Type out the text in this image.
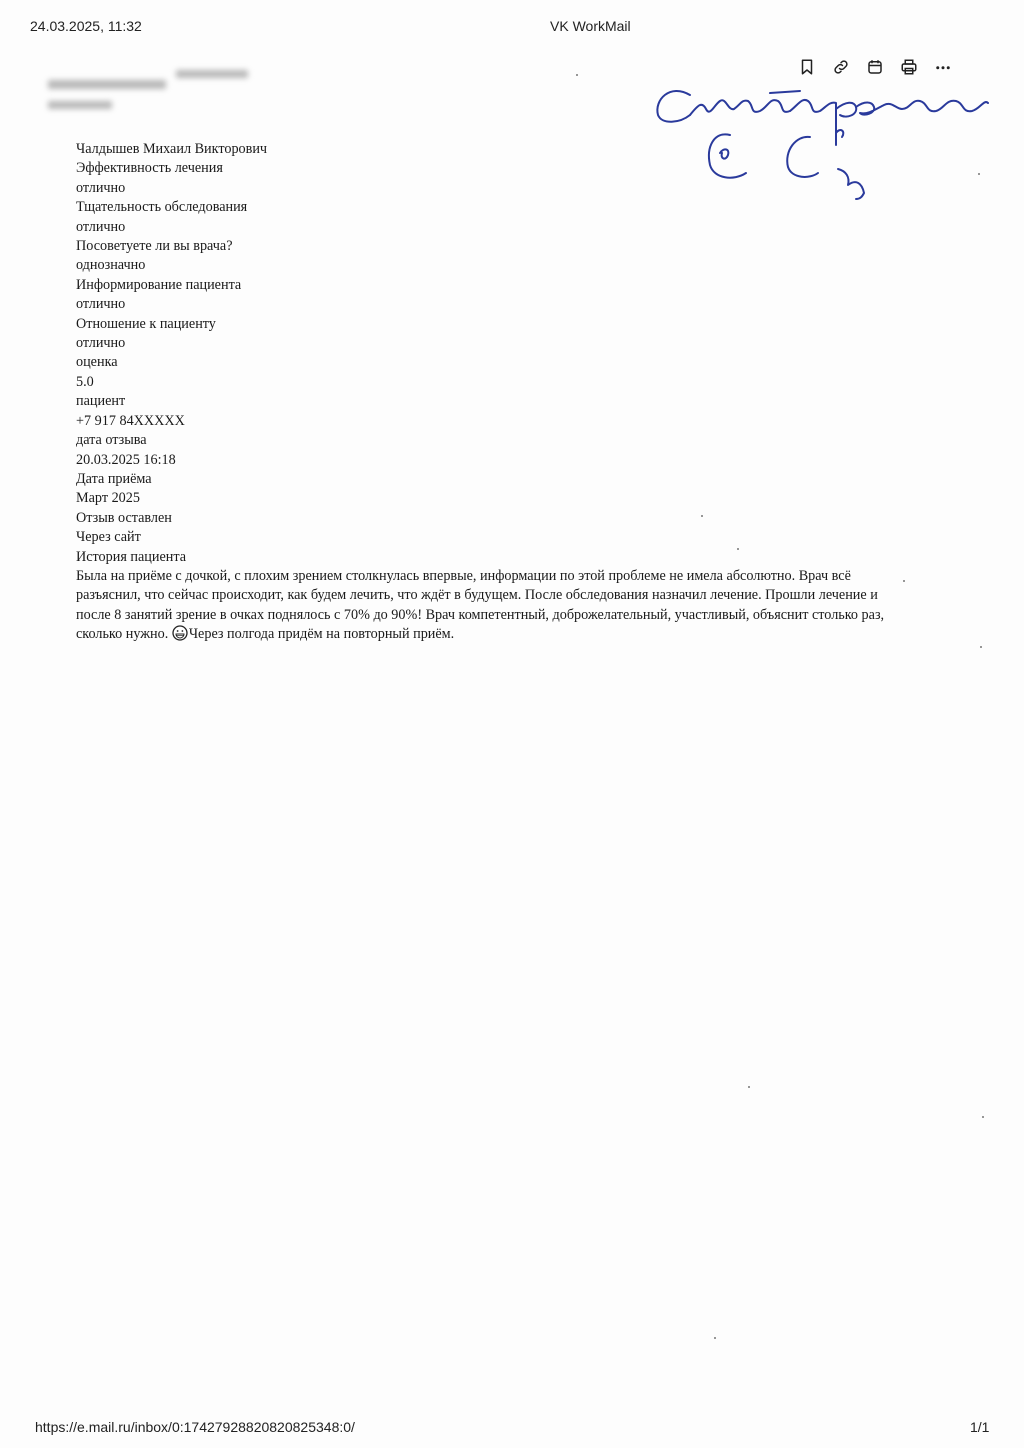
24.03.2025, 11:32	VK WorkMail
Чалдышев Михаил Викторович
Эффективность лечения
отлично
Тщательность обследования
отлично
Посоветуете ли вы врача?
однозначно
Информирование пациента
отлично
Отношение к пациенту
отлично
оценка
5.0
пациент
+7 917 84XXXXX
дата отзыва
20.03.2025 16:18
Дата приёма
Март 2025
Отзыв оставлен
Через сайт
История пациента
Была на приёме с дочкой, с плохим зрением столкнулась впервые, информации по этой проблеме не имела абсолютно. Врач всё
разъяснил, что сейчас происходит, как будем лечить, что ждёт в будущем. После обследования назначил лечение. Прошли лечение и
после 8 занятий зрение в очках поднялось с 70% до 90%! Врач компетентный, доброжелательный, участливый, объяснит столько раз,
сколько нужно. Через полгода придём на повторный приём.
https://e.mail.ru/inbox/0:17427928820820825348:0/	1/1
